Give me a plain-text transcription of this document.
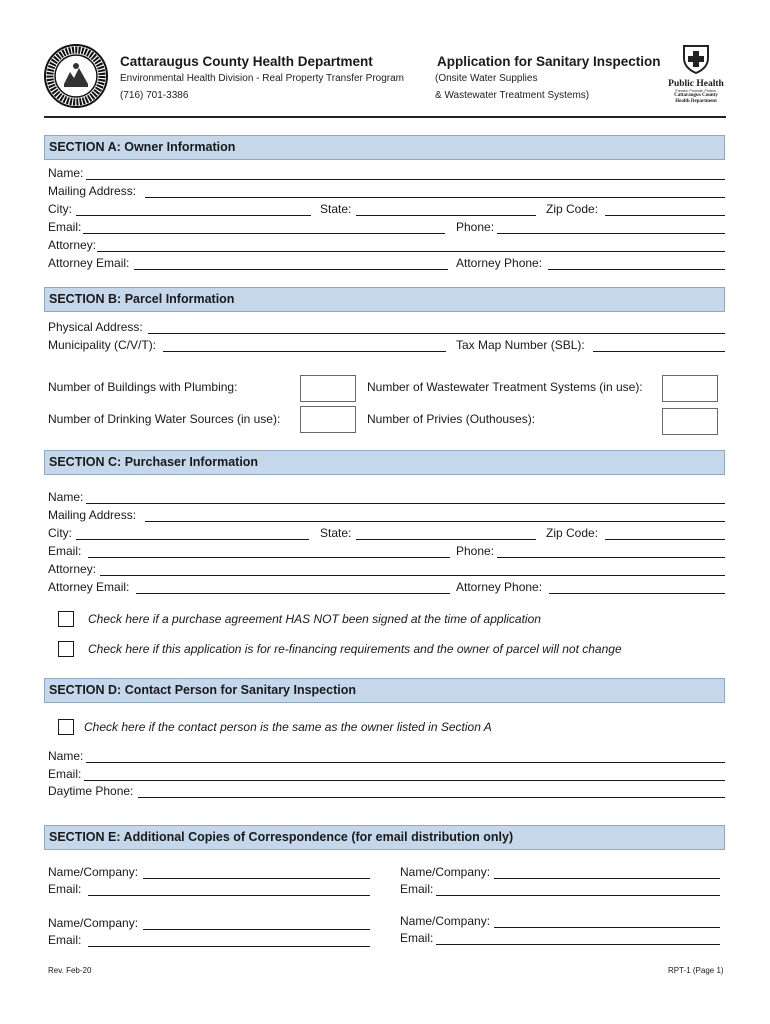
Cattaraugus County Health Department
Environmental Health Division - Real Property Transfer Program
(716) 701-3386
Application for Sanitary Inspection
(Onsite Water Supplies
& Wastewater Treatment Systems)
Public Health
Prevent. Promote. Protect.
Cattaraugus County
Health Department
SECTION A: Owner Information
Name:
Mailing Address:
City:	State:	Zip Code:
Email:	Phone:
Attorney:
Attorney Email:	Attorney Phone:
SECTION B: Parcel Information
Physical Address:
Municipality (C/V/T):	Tax Map Number (SBL):
Number of Buildings with Plumbing:	Number of Wastewater Treatment Systems (in use):
Number of Drinking Water Sources (in use):	Number of Privies (Outhouses):
SECTION C: Purchaser Information
Name:
Mailing Address:
City:	State:	Zip Code:
Email:	Phone:
Attorney:
Attorney Email:	Attorney Phone:
Check here if a purchase agreement HAS NOT been signed at the time of application
Check here if this application is for re-financing requirements and the owner of parcel will not change
SECTION D: Contact Person for Sanitary Inspection
Check here if the contact person is the same as the owner listed in Section A
Name:
Email:
Daytime Phone:
SECTION E: Additional Copies of Correspondence (for email distribution only)
Name/Company:
Email:
Name/Company:
Email:
Name/Company:
Email:
Name/Company:
Email:
Rev. Feb-20	RPT-1 (Page 1)
